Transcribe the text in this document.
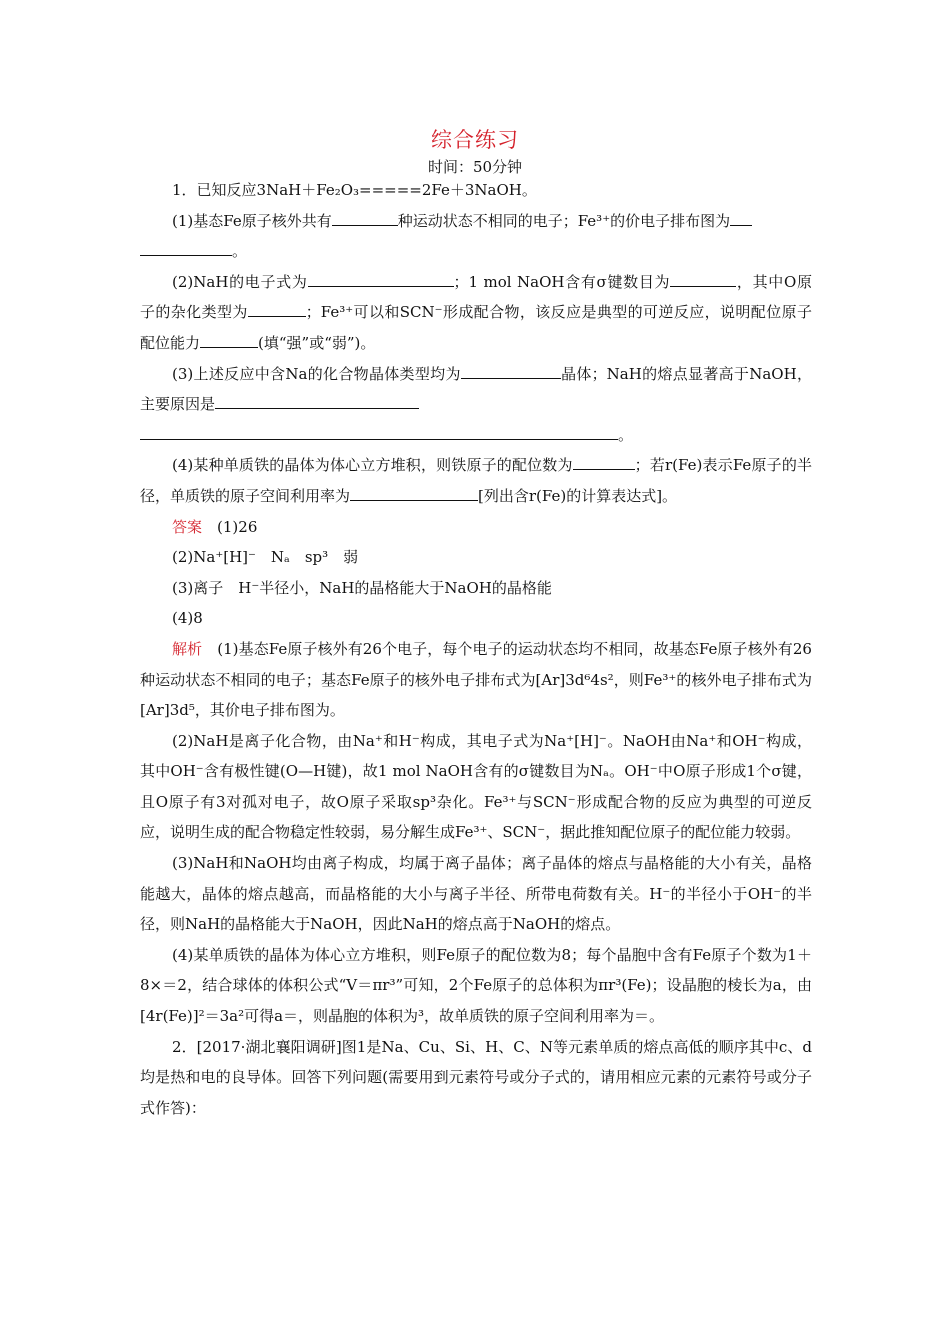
综合练习
时间：50分钟

1．已知反应3NaH＋Fe₂O₃=====2Fe＋3NaOH。

(1)基态Fe原子核外共有	种运动状态不相同的电子；Fe³⁺的价电子排布图为
。

(2)NaH的电子式为	；1 mol NaOH含有σ键数目为	，其中O原子的杂化类型为	；Fe³⁺可以和SCN⁻形成配合物，该反应是典型的可逆反应，说明配位原子配位能力	(填“强”或“弱”)。

(3)上述反应中含Na的化合物晶体类型均为	晶体；NaH的熔点显著高于NaOH，主要原因是
。

(4)某种单质铁的晶体为体心立方堆积，则铁原子的配位数为	；若r(Fe)表示Fe原子的半径，单质铁的原子空间利用率为	[列出含r(Fe)的计算表达式]。

答案　 (1)26

(2)Na⁺[H]⁻　Nₐ　sp³　弱

(3)离子　H⁻半径小，NaH的晶格能大于NaOH的晶格能

(4)8

解析　 (1)基态Fe原子核外有26个电子，每个电子的运动状态均不相同，故基态Fe原子核外有26种运动状态不相同的电子；基态Fe原子的核外电子排布式为[Ar]3d⁶4s²，则Fe³⁺的核外电子排布式为[Ar]3d⁵，其价电子排布图为。

(2)NaH是离子化合物，由Na⁺和H⁻构成，其电子式为Na⁺[H]⁻。NaOH由Na⁺和OH⁻构成，其中OH⁻含有极性键(O—H键)，故1 mol NaOH含有的σ键数目为Nₐ。OH⁻中O原子形成1个σ键，且O原子有3对孤对电子，故O原子采取sp³杂化。Fe³⁺与SCN⁻形成配合物的反应为典型的可逆反应，说明生成的配合物稳定性较弱，易分解生成Fe³⁺、SCN⁻，据此推知配位原子的配位能力较弱。

(3)NaH和NaOH均由离子构成，均属于离子晶体；离子晶体的熔点与晶格能的大小有关，晶格能越大，晶体的熔点越高，而晶格能的大小与离子半径、所带电荷数有关。H⁻的半径小于OH⁻的半径，则NaH的晶格能大于NaOH，因此NaH的熔点高于NaOH的熔点。

(4)某单质铁的晶体为体心立方堆积，则Fe原子的配位数为8；每个晶胞中含有Fe原子个数为1＋8×＝2，结合球体的体积公式“V＝πr³”可知，2个Fe原子的总体积为πr³(Fe)；设晶胞的棱长为a，由[4r(Fe)]²＝3a²可得a＝，则晶胞的体积为³，故单质铁的原子空间利用率为＝。

2．[2017·湖北襄阳调研]图1是Na、Cu、Si、H、C、N等元素单质的熔点高低的顺序其中c、d均是热和电的良导体。回答下列问题(需要用到元素符号或分子式的，请用相应元素的元素符号或分子式作答)：
